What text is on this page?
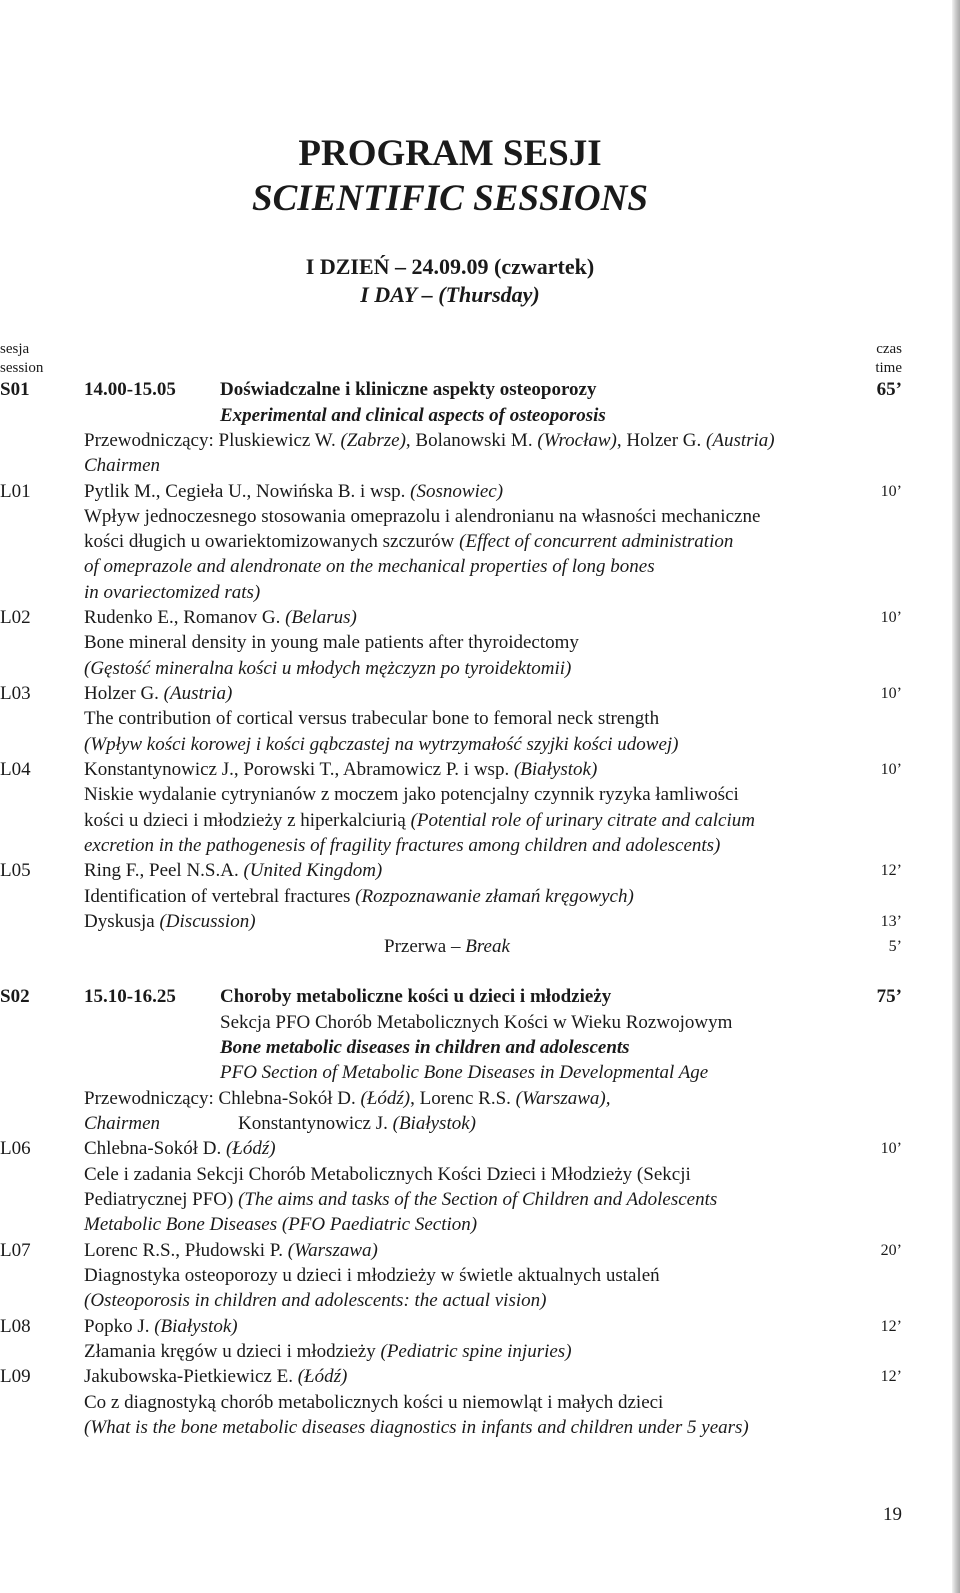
PROGRAM SESJI
SCIENTIFIC SESSIONS
I DZIEŃ – 24.09.09 (czwartek)
I DAY – (Thursday)
sesja
session
czas
time
S01	14.00-15.05 Doświadczalne i kliniczne aspekty osteoporozy	65’
Experimental and clinical aspects of osteoporosis
Przewodniczący: Pluskiewicz W. (Zabrze), Bolanowski M. (Wrocław), Holzer G. (Austria)
Chairmen
L01	Pytlik M., Cegieła U., Nowińska B. i wsp. (Sosnowiec)	10’
Wpływ jednoczesnego stosowania omeprazolu i alendronianu na własności mechaniczne
kości długich u owariektomizowanych szczurów (Effect of concurrent administration
of omeprazole and alendronate on the mechanical properties of long bones
in ovariectomized rats)
L02	Rudenko E., Romanov G. (Belarus)	10’
Bone mineral density in young male patients after thyroidectomy
(Gęstość mineralna kości u młodych mężczyzn po tyroidektomii)
L03	Holzer G. (Austria)	10’
The contribution of cortical versus trabecular bone to femoral neck strength
(Wpływ kości korowej i kości gąbczastej na wytrzymałość szyjki kości udowej)
L04	Konstantynowicz J., Porowski T., Abramowicz P. i wsp. (Białystok)	10’
Niskie wydalanie cytrynianów z moczem jako potencjalny czynnik ryzyka łamliwości
kości u dzieci i młodzieży z hiperkalciurią (Potential role of urinary citrate and calcium
excretion in the pathogenesis of fragility fractures among children and adolescents)
L05	Ring F., Peel N.S.A. (United Kingdom)	12’
Identification of vertebral fractures (Rozpoznawanie złamań kręgowych)
Dyskusja (Discussion)	13’
Przerwa – Break	5’
S02	15.10-16.25 Choroby metaboliczne kości u dzieci i młodzieży	75’
Sekcja PFO Chorób Metabolicznych Kości w Wieku Rozwojowym
Bone metabolic diseases in children and adolescents
PFO Section of Metabolic Bone Diseases in Developmental Age
Przewodniczący: Chlebna-Sokół D. (Łódź), Lorenc R.S. (Warszawa),
Chairmen	Konstantynowicz J. (Białystok)
L06	Chlebna-Sokół D. (Łódź)	10’
Cele i zadania Sekcji Chorób Metabolicznych Kości Dzieci i Młodzieży (Sekcji
Pediatrycznej PFO) (The aims and tasks of the Section of Children and Adolescents
Metabolic Bone Diseases (PFO Paediatric Section)
L07	Lorenc R.S., Płudowski P. (Warszawa)	20’
Diagnostyka osteoporozy u dzieci i młodzieży w świetle aktualnych ustaleń
(Osteoporosis in children and adolescents: the actual vision)
L08	Popko J. (Białystok)	12’
Złamania kręgów u dzieci i młodzieży (Pediatric spine injuries)
L09	Jakubowska-Pietkiewicz E. (Łódź)	12’
Co z diagnostyką chorób metabolicznych kości u niemowląt i małych dzieci
(What is the bone metabolic diseases diagnostics in infants and children under 5 years)
19
